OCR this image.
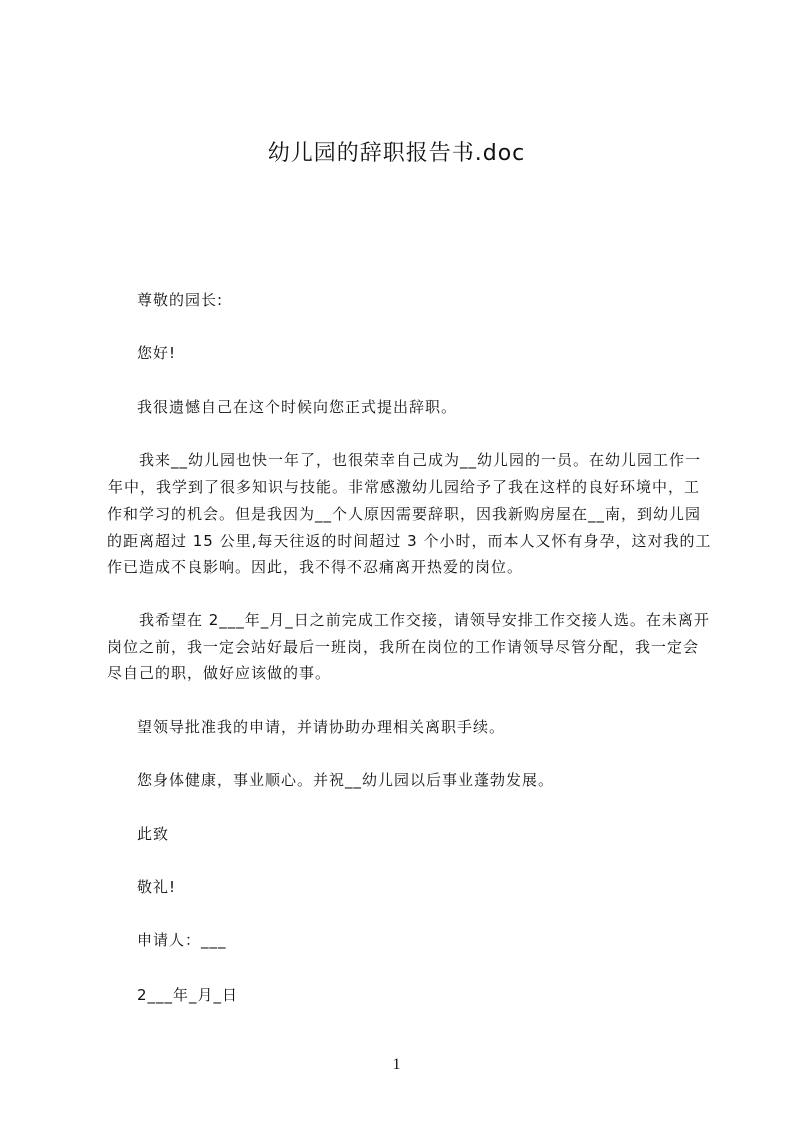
幼儿园的辞职报告书.doc
尊敬的园长:
您好!
我很遗憾自己在这个时候向您正式提出辞职。
我来__幼儿园也快一年了，也很荣幸自己成为__幼儿园的一员。在幼儿园工作一
年中，我学到了很多知识与技能。非常感激幼儿园给予了我在这样的良好环境中，工
作和学习的机会。但是我因为__个人原因需要辞职，因我新购房屋在__南，到幼儿园
的距离超过 15 公里,每天往返的时间超过 3 个小时，而本人又怀有身孕，这对我的工
作已造成不良影响。因此，我不得不忍痛离开热爱的岗位。
我希望在 2___年_月_日之前完成工作交接，请领导安排工作交接人选。在未离开
岗位之前，我一定会站好最后一班岗，我所在岗位的工作请领导尽管分配，我一定会
尽自己的职，做好应该做的事。
望领导批准我的申请，并请协助办理相关离职手续。
您身体健康，事业顺心。并祝__幼儿园以后事业蓬勃发展。
此致
敬礼!
申请人：___
2___年_月_日
1
